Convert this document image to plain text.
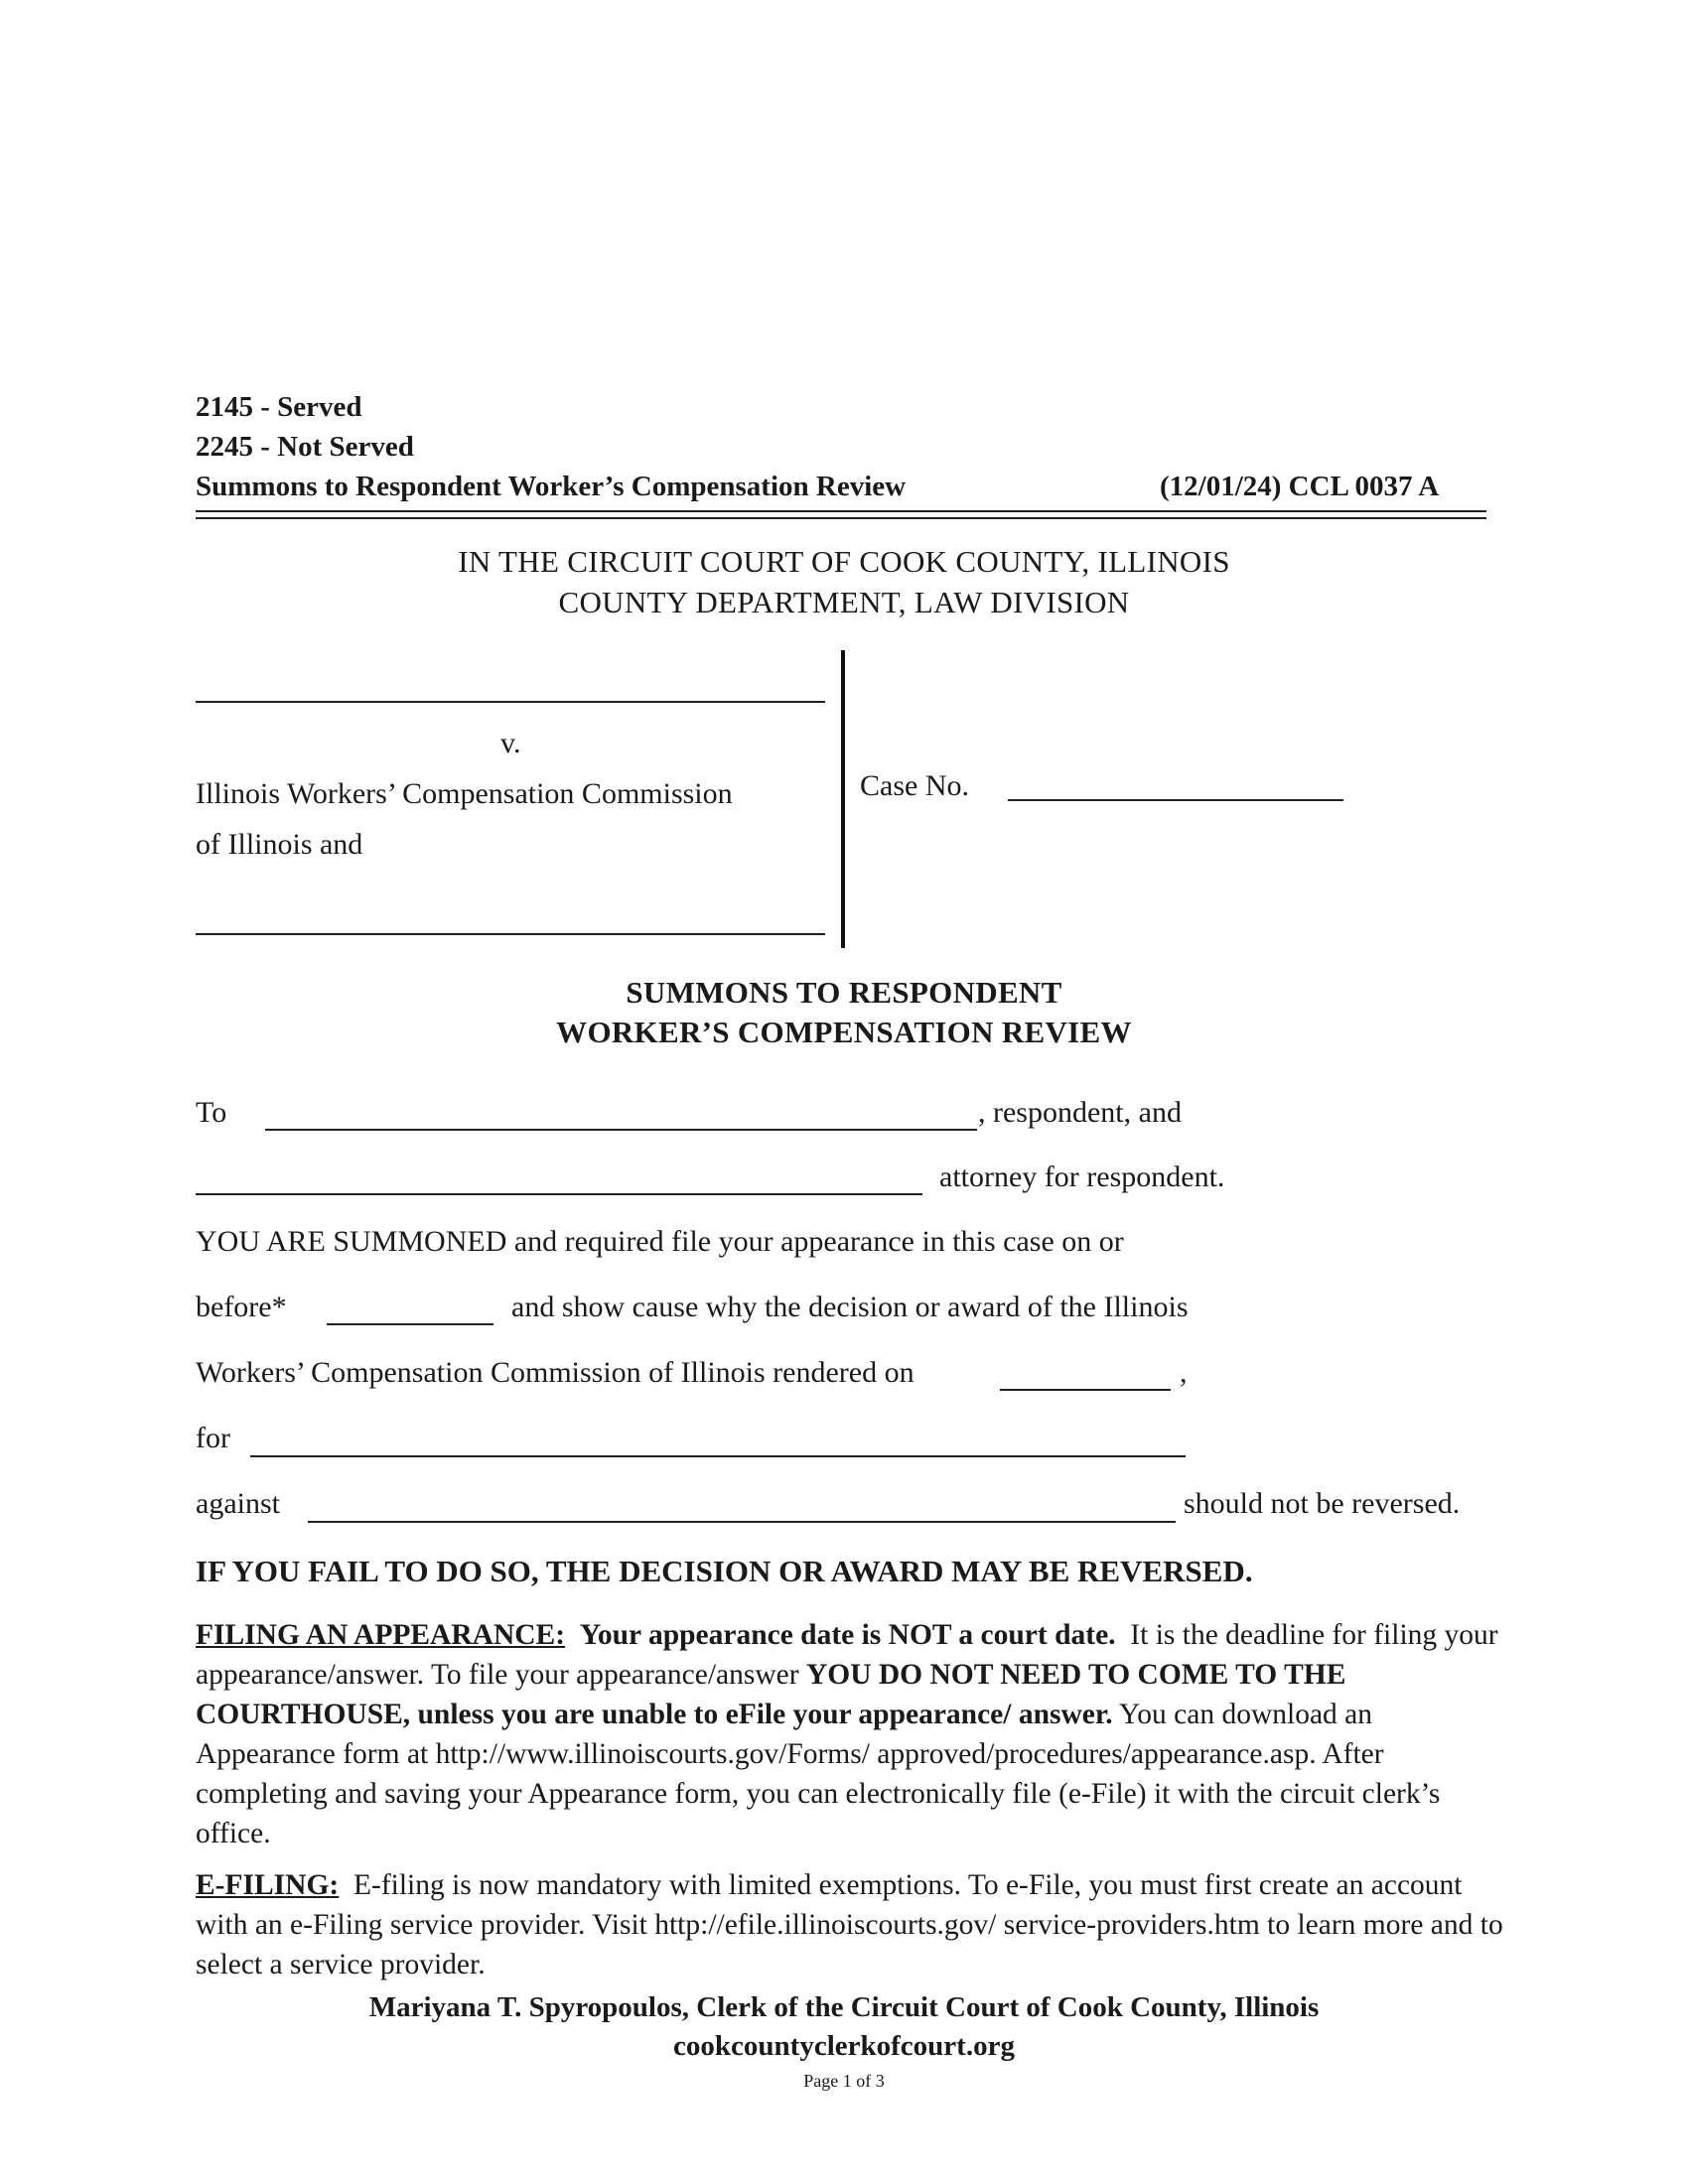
2145 - Served
2245 - Not Served
Summons to Respondent Worker’s Compensation Review	(12/01/24) CCL 0037 A
IN THE CIRCUIT COURT OF COOK COUNTY, ILLINOIS
COUNTY DEPARTMENT, LAW DIVISION
v.
Illinois Workers’ Compensation Commission
of Illinois and
Case No.
SUMMONS TO RESPONDENT
WORKER’S COMPENSATION REVIEW
To	, respondent, and
attorney for respondent.
YOU ARE SUMMONED and required file your appearance in this case on or
before*	and show cause why the decision or award of the Illinois
Workers’ Compensation Commission of Illinois rendered on	,
for
against	should not be reversed.
IF YOU FAIL TO DO SO, THE DECISION OR AWARD MAY BE REVERSED.
FILING AN APPEARANCE: Your appearance date is NOT a court date. It is the deadline for filing your appearance/answer. To file your appearance/answer YOU DO NOT NEED TO COME TO THE COURTHOUSE, unless you are unable to eFile your appearance/ answer. You can download an Appearance form at http://www.illinoiscourts.gov/Forms/ approved/procedures/appearance.asp. After completing and saving your Appearance form, you can electronically file (e-File) it with the circuit clerk’s office.
E-FILING: E-filing is now mandatory with limited exemptions. To e-File, you must first create an account with an e-Filing service provider. Visit http://efile.illinoiscourts.gov/ service-providers.htm to learn more and to select a service provider.
Mariyana T. Spyropoulos, Clerk of the Circuit Court of Cook County, Illinois
cookcountyclerkofcourt.org
Page 1 of 3
